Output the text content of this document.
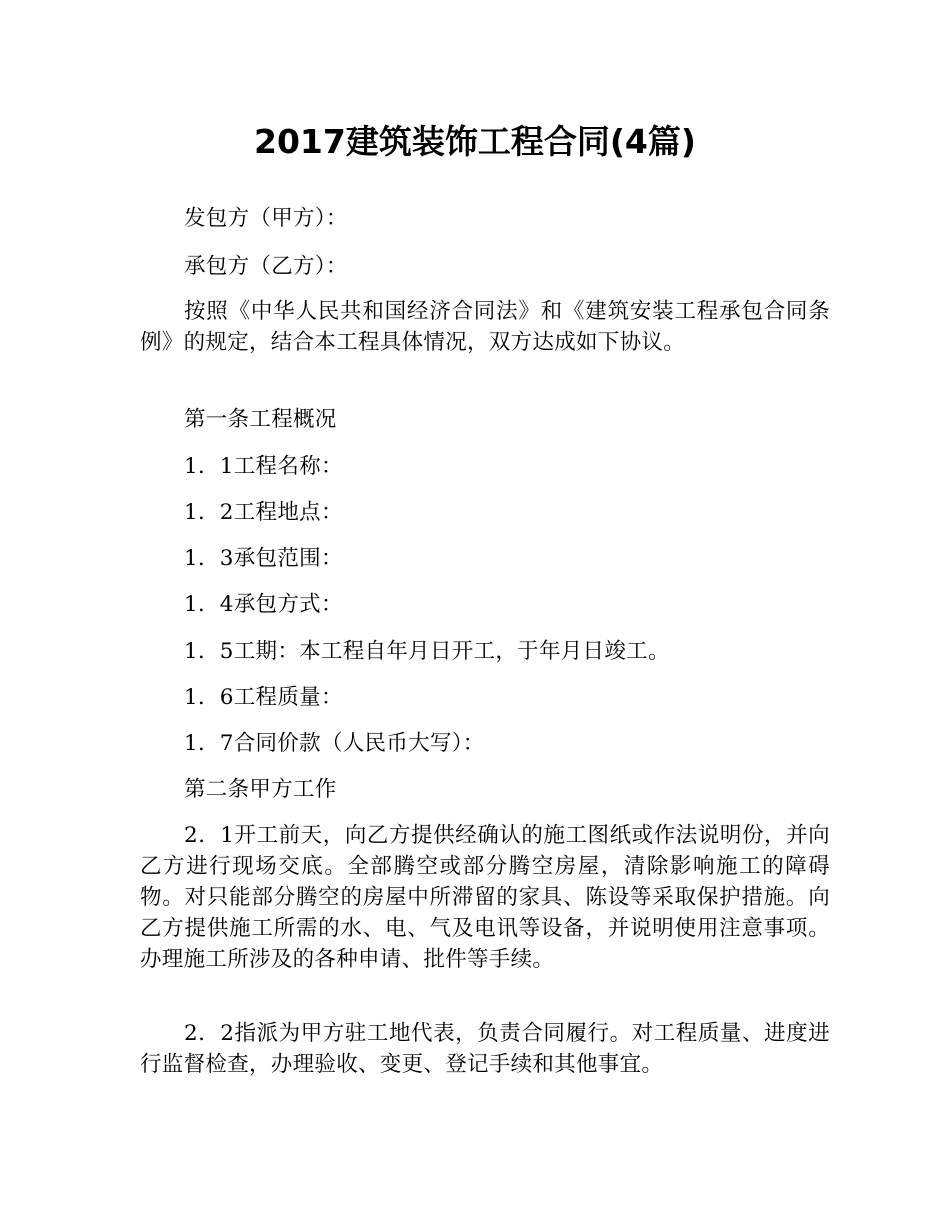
2017建筑装饰工程合同(4篇)

发包方（甲方）：

承包方（乙方）：

按照《中华人民共和国经济合同法》和《建筑安装工程承包合同条例》的规定，结合本工程具体情况，双方达成如下协议。

第一条工程概况

1．1工程名称：

1．2工程地点：

1．3承包范围：

1．4承包方式：

1．5工期：本工程自年月日开工，于年月日竣工。

1．6工程质量：

1．7合同价款（人民币大写）：

第二条甲方工作

2．1开工前天，向乙方提供经确认的施工图纸或作法说明份，并向乙方进行现场交底。全部腾空或部分腾空房屋，清除影响施工的障碍物。对只能部分腾空的房屋中所滞留的家具、陈设等采取保护措施。向乙方提供施工所需的水、电、气及电讯等设备，并说明使用注意事项。办理施工所涉及的各种申请、批件等手续。

2．2指派为甲方驻工地代表，负责合同履行。对工程质量、进度进行监督检查，办理验收、变更、登记手续和其他事宜。
